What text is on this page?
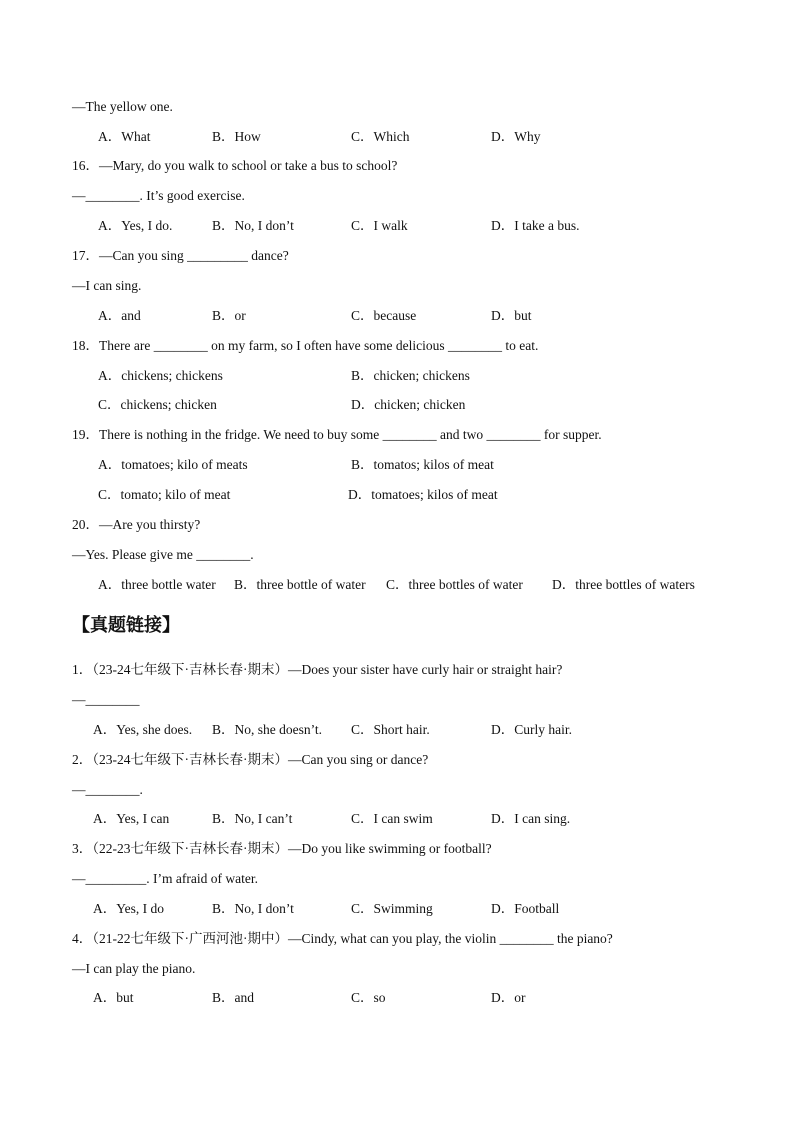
—The yellow one.
A．What	B．How	C．Which	D．Why
16．—Mary, do you walk to school or take a bus to school?
—________. It’s good exercise.
A．Yes, I do.	B．No, I don’t	C．I walk	D．I take a bus.
17．—Can you sing _________ dance?
—I can sing.
A．and	B．or	C．because	D．but
18．There are ________ on my farm, so I often have some delicious ________ to eat.
A．chickens; chickens	B．chicken; chickens
C．chickens; chicken	D．chicken; chicken
19．There is nothing in the fridge. We need to buy some ________ and two ________ for supper.
A．tomatoes; kilo of meats	B．tomatos; kilos of meat
C．tomato; kilo of meat	D．tomatoes; kilos of meat
20．—Are you thirsty?
—Yes. Please give me ________.
A．three bottle water B．three bottle of water C．three bottles of water D．three bottles of waters
【真题链接】
1．（23-24七年级下·吉林长春·期末）—Does your sister have curly hair or straight hair?
—________
A．Yes, she does. B．No, she doesn’t. C．Short hair.	D．Curly hair.
2．（23-24七年级下·吉林长春·期末）—Can you sing or dance?
—________.
A．Yes, I can	B．No, I can’t	C．I can swim	D．I can sing.
3．（22-23七年级下·吉林长春·期末）—Do you like swimming or football?
—_________. I’m afraid of water.
A．Yes, I do	B．No, I don’t	C．Swimming	D．Football
4．（21-22七年级下·广西河池·期中）—Cindy, what can you play, the violin ________ the piano?
—I can play the piano.
A．but	B．and	C．so	D．or
